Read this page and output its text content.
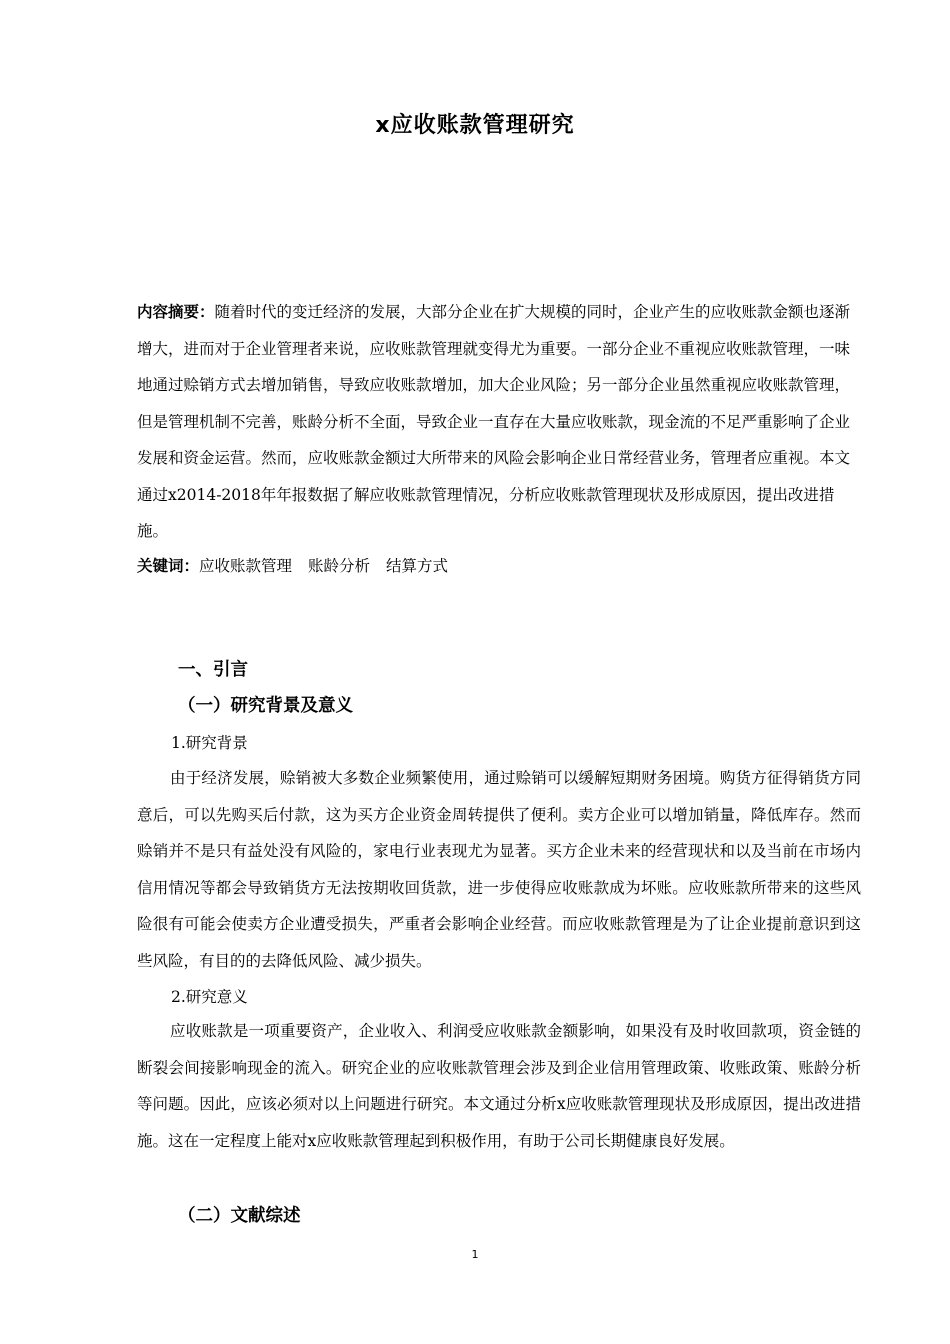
x应收账款管理研究
内容摘要：随着时代的变迁经济的发展，大部分企业在扩大规模的同时，企业产生的应收账款金额也逐渐增大，进而对于企业管理者来说，应收账款管理就变得尤为重要。一部分企业不重视应收账款管理，一味地通过赊销方式去增加销售，导致应收账款增加，加大企业风险；另一部分企业虽然重视应收账款管理，但是管理机制不完善，账龄分析不全面，导致企业一直存在大量应收账款，现金流的不足严重影响了企业发展和资金运营。然而，应收账款金额过大所带来的风险会影响企业日常经营业务，管理者应重视。本文通过x2014-2018年年报数据了解应收账款管理情况，分析应收账款管理现状及形成原因，提出改进措施。
关键词：应收账款管理 账龄分析 结算方式
一、引言
（一）研究背景及意义
1.研究背景
由于经济发展，赊销被大多数企业频繁使用，通过赊销可以缓解短期财务困境。购货方征得销货方同意后，可以先购买后付款，这为买方企业资金周转提供了便利。卖方企业可以增加销量，降低库存。然而赊销并不是只有益处没有风险的，家电行业表现尤为显著。买方企业未来的经营现状和以及当前在市场内信用情况等都会导致销货方无法按期收回货款，进一步使得应收账款成为坏账。应收账款所带来的这些风险很有可能会使卖方企业遭受损失，严重者会影响企业经营。而应收账款管理是为了让企业提前意识到这些风险，有目的的去降低风险、减少损失。
2.研究意义
应收账款是一项重要资产，企业收入、利润受应收账款金额影响，如果没有及时收回款项，资金链的断裂会间接影响现金的流入。研究企业的应收账款管理会涉及到企业信用管理政策、收账政策、账龄分析等问题。因此，应该必须对以上问题进行研究。本文通过分析x应收账款管理现状及形成原因，提出改进措施。这在一定程度上能对x应收账款管理起到积极作用，有助于公司长期健康良好发展。
（二）文献综述
1
